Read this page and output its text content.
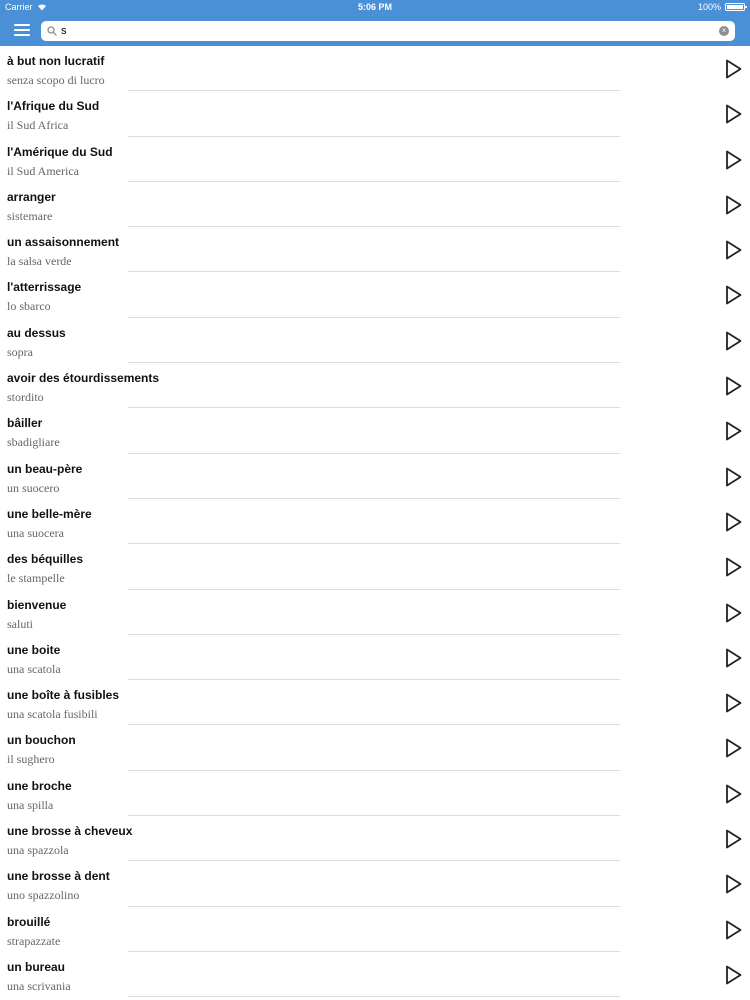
Carrier	5:06 PM	100%
s
×
à but non lucratif
senza scopo di lucro
l'Afrique du Sud
il Sud Africa
l'Amérique du Sud
il Sud America
arranger
sistemare
un assaisonnement
la salsa verde
l'atterrissage
lo sbarco
au dessus
sopra
avoir des étourdissements
stordito
bâiller
sbadigliare
un beau-père
un suocero
une belle-mère
una suocera
des béquilles
le stampelle
bienvenue
saluti
une boite
una scatola
une boîte à fusibles
una scatola fusibili
un bouchon
il sughero
une broche
una spilla
une brosse à cheveux
una spazzola
une brosse à dent
uno spazzolino
brouillé
strapazzate
un bureau
una scrivania
